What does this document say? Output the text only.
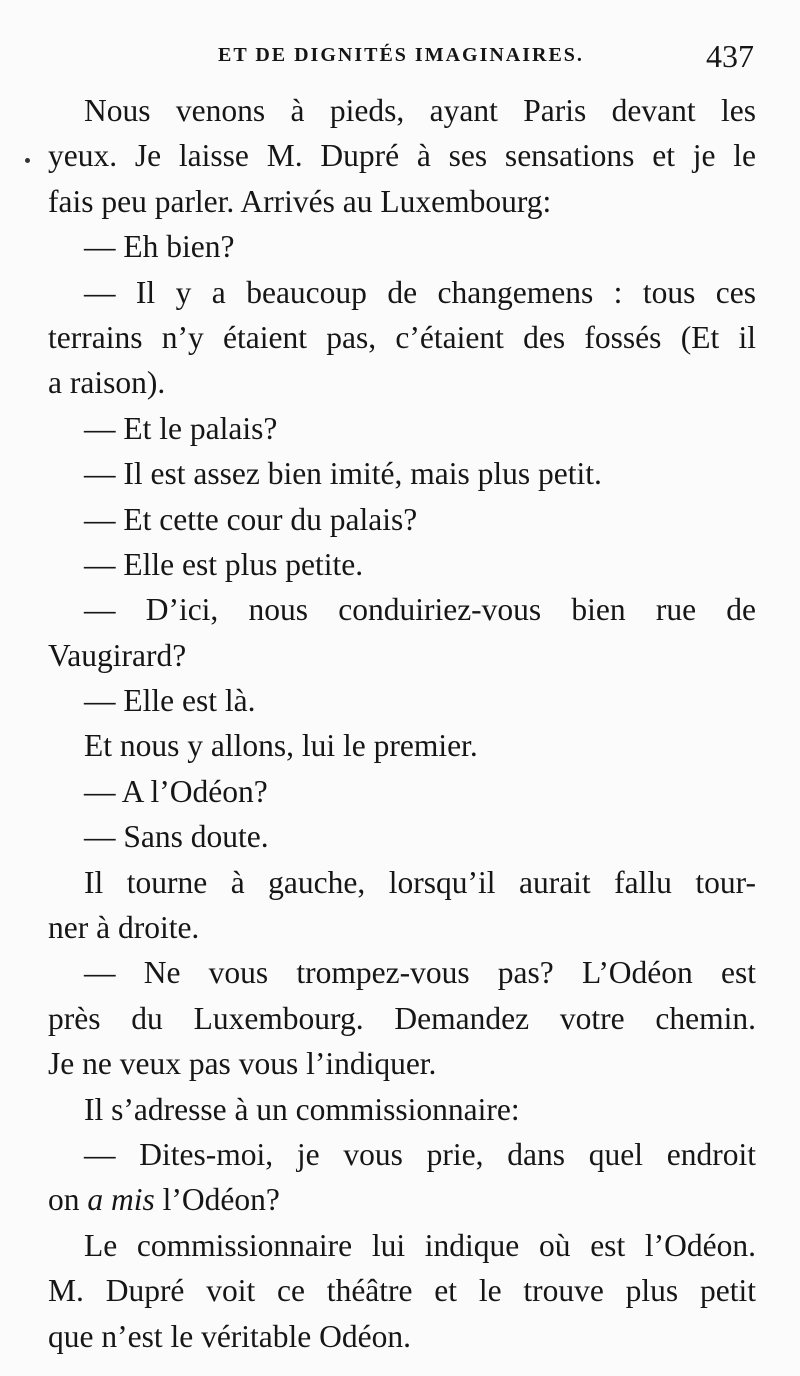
ET DE DIGNITÉS IMAGINAIRES.	437
Nous venons à pieds, ayant Paris devant les
yeux. Je laisse M. Dupré à ses sensations et je le
fais peu parler. Arrivés au Luxembourg:
— Eh bien?
— Il y a beaucoup de changemens : tous ces
terrains n’y étaient pas, c’étaient des fossés (Et il
a raison).
— Et le palais?
— Il est assez bien imité, mais plus petit.
— Et cette cour du palais?
— Elle est plus petite.
— D’ici, nous conduiriez-vous bien rue de
Vaugirard?
— Elle est là.
Et nous y allons, lui le premier.
— A l’Odéon?
— Sans doute.
Il tourne à gauche, lorsqu’il aurait fallu tour-
ner à droite.
— Ne vous trompez-vous pas? L’Odéon est
près du Luxembourg. Demandez votre chemin.
Je ne veux pas vous l’indiquer.
Il s’adresse à un commissionnaire:
— Dites-moi, je vous prie, dans quel endroit
on a mis l’Odéon?
Le commissionnaire lui indique où est l’Odéon.
M. Dupré voit ce théâtre et le trouve plus petit
que n’est le véritable Odéon.
